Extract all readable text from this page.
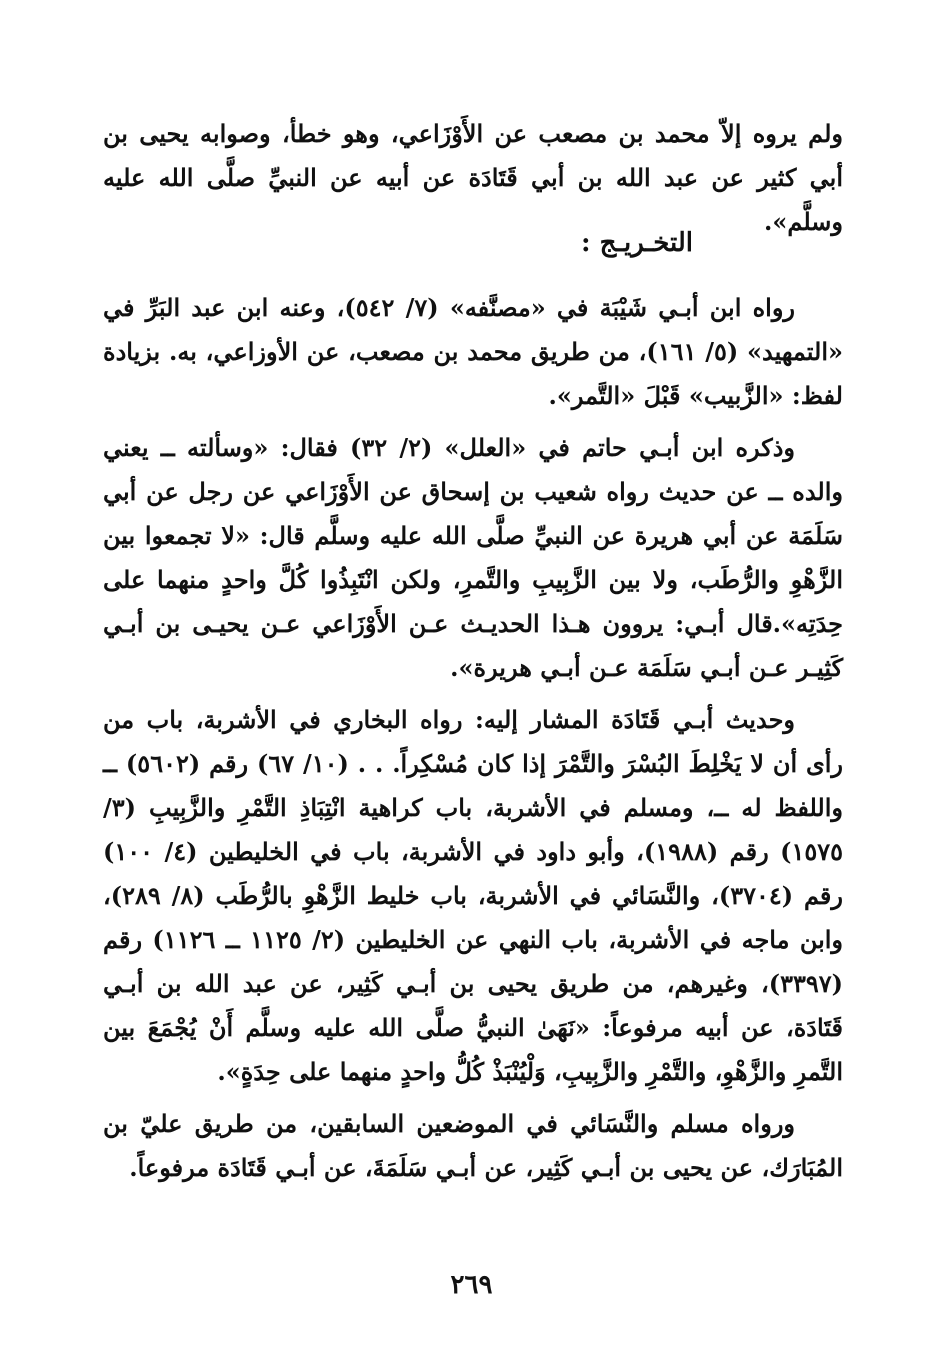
ولم يروه إلاّ محمد بن مصعب عن الأَوْزَاعي، وهو خطأ، وصوابه يحيى بن أبي كثير عن عبد الله بن أبي قَتَادَة عن أبيه عن النبيِّ صلَّى الله عليه وسلَّم».
التخـريـج :

رواه ابن أبـي شَيْبَة في «مصنَّفه» (٧/ ٥٤٢)، وعنه ابن عبد البَرِّ في «التمهيد» (٥/ ١٦١)، من طريق محمد بن مصعب، عن الأوزاعي، به. بزيادة لفظ: «الزَّبيب» قَبْلَ «التَّمر».

وذكره ابن أبـي حاتم في «العلل» (٢/ ٣٢) فقال: «وسألته ــ يعني والده ــ عن حديث رواه شعيب بن إسحاق عن الأَوْزَاعي عن رجل عن أبي سَلَمَة عن أبي هريرة عن النبيِّ صلَّى الله عليه وسلَّم قال: «لا تجمعوا بين الزَّهْوِ والرُّطَب، ولا بين الزَّبِيبِ والتَّمرِ، ولكن انْتَبِذُوا كُلَّ واحدٍ منهما على حِدَتِه».قال أبـي: يروون هـذا الحديـث عـن الأَوْزَاعي عـن يحيـى بن أبـي كَثِيـر عـن أبـي سَلَمَة عـن أبـي هريرة».

وحديث أبـي قَتَادَة المشار إليه: رواه البخاري في الأشربة، باب من رأى أن لا يَخْلِطَ البُسْرَ والتَّمْرَ إذا كان مُسْكِراً. . . (١٠/ ٦٧) رقم (٥٦٠٢) ــ واللفظ له ــ، ومسلم في الأشربة، باب كراهية انْتِبَاذِ التَّمْرِ والزَّبِيبِ (٣/ ١٥٧٥) رقم (١٩٨٨)، وأبو داود في الأشربة، باب في الخليطين (٤/ ١٠٠) رقم (٣٧٠٤)، والنَّسَائي في الأشربة، باب خليط الزَّهْوِ بالرُّطَب (٨/ ٢٨٩)، وابن ماجه في الأشربة، باب النهي عن الخليطين (٢/ ١١٢٥ ــ ١١٢٦) رقم (٣٣٩٧)، وغيرهم، من طريق يحيى بن أبـي كَثِير، عن عبد الله بن أبـي قَتَادَة، عن أبيه مرفوعاً: «نَهَىٰ النبيُّ صلَّى الله عليه وسلَّم أَنْ يُجْمَعَ بين التَّمرِ والزَّهْوِ، والتَّمْرِ والزَّبِيبِ، وَلْيُنْبَذْ كُلُّ واحدٍ منهما على حِدَةٍ».

ورواه مسلم والنَّسَائي في الموضعين السابقين، من طريق عليّ بن المُبَارَك، عن يحيى بن أبـي كَثِير، عن أبـي سَلَمَةَ، عن أبـي قَتَادَة مرفوعاً.

٢٦٩
